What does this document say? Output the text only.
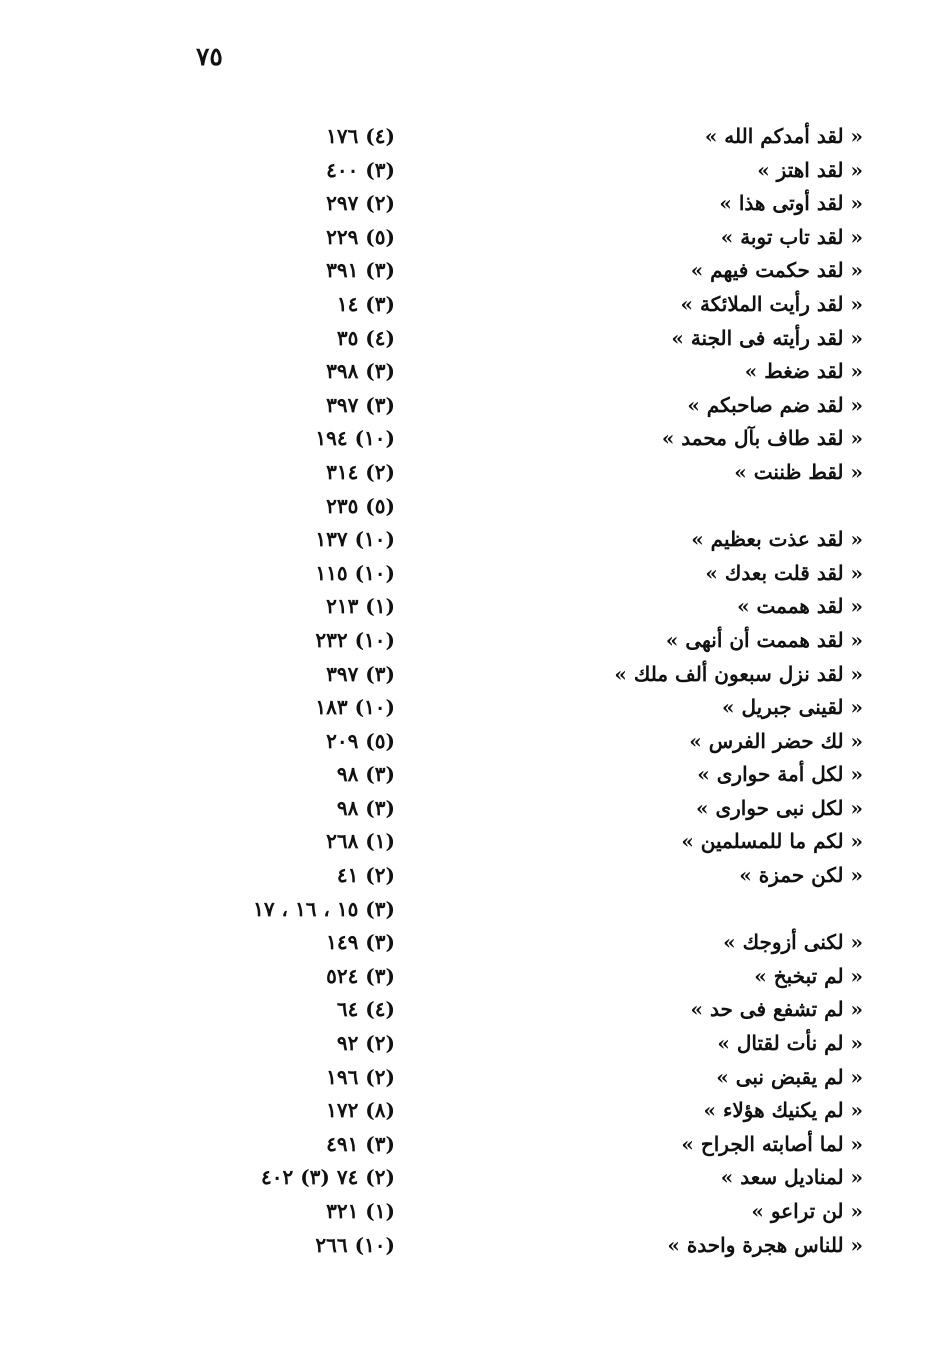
٧٥
« لقد أمدكم الله »
(٤) ١٧٦
« لقد اهتز »
(٣) ٤٠٠
« لقد أوتى هذا »
(٢) ٢٩٧
« لقد تاب توبة »
(٥) ٢٢٩
« لقد حكمت فيهم »
(٣) ٣٩١
« لقد رأيت الملائكة »
(٣) ١٤
« لقد رأيته فى الجنة »
(٤) ٣٥
« لقد ضغط »
(٣) ٣٩٨
« لقد ضم صاحبكم »
(٣) ٣٩٧
« لقد طاف بآل محمد »
(١٠) ١٩٤
« لقط ظننت »
(٢) ٣١٤
(٥) ٢٣٥
« لقد عذت بعظيم »
(١٠) ١٣٧
« لقد قلت بعدك »
(١٠) ١١٥
« لقد هممت »
(١) ٢١٣
« لقد هممت أن أنهى »
(١٠) ٢٣٢
« لقد نزل سبعون ألف ملك »
(٣) ٣٩٧
« لقينى جبريل »
(١٠) ١٨٣
« لك حضر الفرس »
(٥) ٢٠٩
« لكل أمة حوارى »
(٣) ٩٨
« لكل نبى حوارى »
(٣) ٩٨
« لكم ما للمسلمين »
(١) ٢٦٨
« لكن حمزة »
(٢) ٤١
(٣) ١٥ ، ١٦ ، ١٧
« لكنى أزوجك »
(٣) ١٤٩
« لم تبخبخ »
(٣) ٥٢٤
« لم تشفع فى حد »
(٤) ٦٤
« لم نأت لقتال »
(٢) ٩٢
« لم يقبض نبى »
(٢) ١٩٦
« لم يكنيك هؤلاء »
(٨) ١٧٢
« لما أصابته الجراح »
(٣) ٤٩١
« لمناديل سعد »
(٢) ٧٤ (٣) ٤٠٢
« لن تراعو »
(١) ٣٢١
« للناس هجرة واحدة »
(١٠) ٢٦٦
